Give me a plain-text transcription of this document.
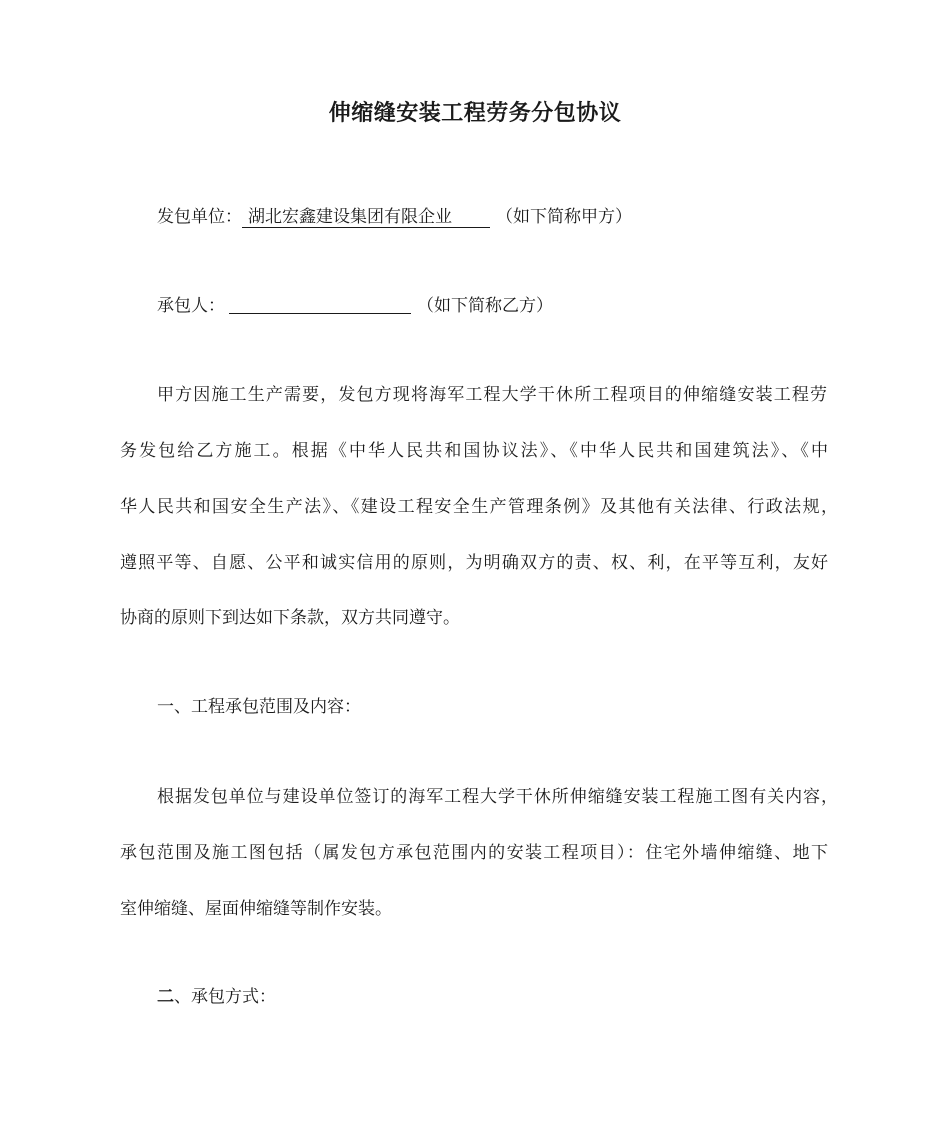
伸缩缝安装工程劳务分包协议
发包单位： 湖北宏鑫建设集团有限企业	（如下简称甲方）
承包人：	（如下简称乙方）
甲方因施工生产需要，发包方现将海军工程大学干休所工程项目的伸缩缝安装工程劳
务发包给乙方施工。根据《中华人民共和国协议法》、《中华人民共和国建筑法》、《中
华人民共和国安全生产法》、《建设工程安全生产管理条例》及其他有关法律、行政法规，
遵照平等、自愿、公平和诚实信用的原则，为明确双方的责、权、利，在平等互利，友好
协商的原则下到达如下条款，双方共同遵守。
一、工程承包范围及内容：
根据发包单位与建设单位签订的海军工程大学干休所伸缩缝安装工程施工图有关内容，
承包范围及施工图包括（属发包方承包范围内的安装工程项目）：住宅外墙伸缩缝、地下
室伸缩缝、屋面伸缩缝等制作安装。
二、承包方式：
